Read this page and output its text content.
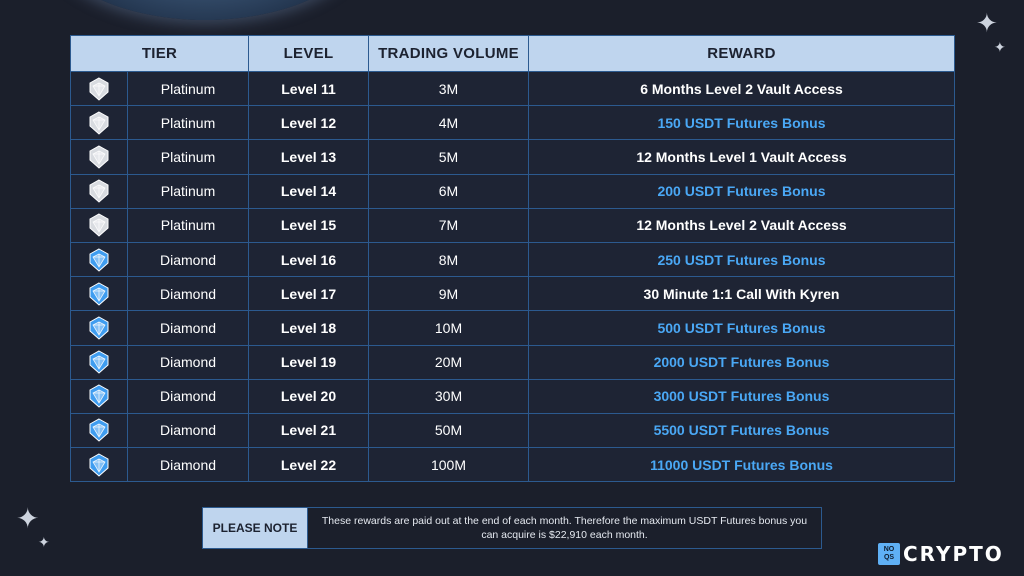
✦
✦
✦
✦
TIER		LEVEL	TRADING VOLUME	REWARD

	Platinum	Level 11	3M	6 Months Level 2 Vault Access

	Platinum	Level 12	4M	150 USDT Futures Bonus

	Platinum	Level 13	5M	12 Months Level 1 Vault Access

	Platinum	Level 14	6M	200 USDT Futures Bonus

	Platinum	Level 15	7M	12 Months Level 2 Vault Access

	Diamond	Level 16	8M	250 USDT Futures Bonus

	Diamond	Level 17	9M	30 Minute 1:1 Call With Kyren

	Diamond	Level 18	10M	500 USDT Futures Bonus

	Diamond	Level 19	20M	2000 USDT Futures Bonus

	Diamond	Level 20	30M	3000 USDT Futures Bonus

	Diamond	Level 21	50M	5500 USDT Futures Bonus

	Diamond	Level 22	100M	11000 USDT Futures Bonus
PLEASE NOTE	These rewards are paid out at the end of each month. Therefore the maximum USDT Futures bonus you can acquire is $22,910 each month.
NO QS CRYPTO
